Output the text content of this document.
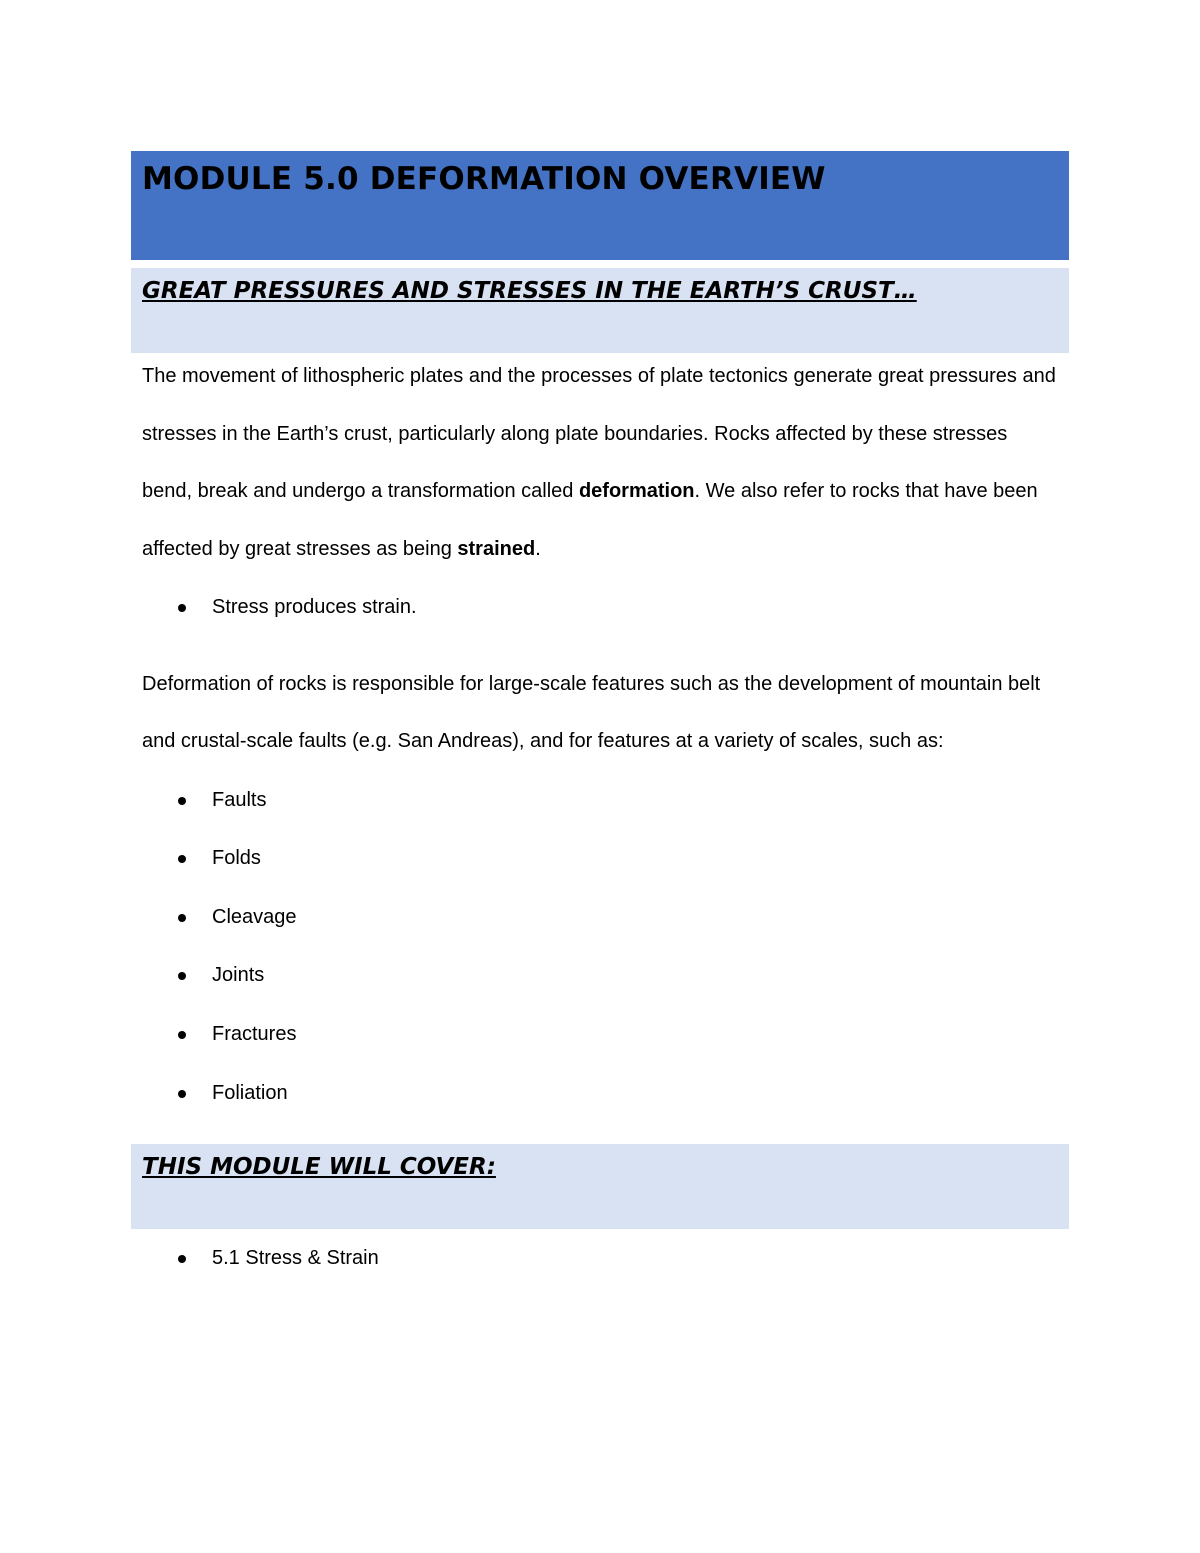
MODULE 5.0 DEFORMATION OVERVIEW
GREAT PRESSURES AND STRESSES IN THE EARTH’S CRUST…

The movement of lithospheric plates and the processes of plate tectonics generate great pressures and stresses in the Earth’s crust, particularly along plate boundaries. Rocks affected by these stresses bend, break and undergo a transformation called deformation. We also refer to rocks that have been affected by great stresses as being strained.

Stress produces strain.

Deformation of rocks is responsible for large-scale features such as the development of mountain belt and crustal-scale faults (e.g. San Andreas), and for features at a variety of scales, such as:

Faults
Folds
Cleavage
Joints
Fractures
Foliation
THIS MODULE WILL COVER:
5.1 Stress & Strain
